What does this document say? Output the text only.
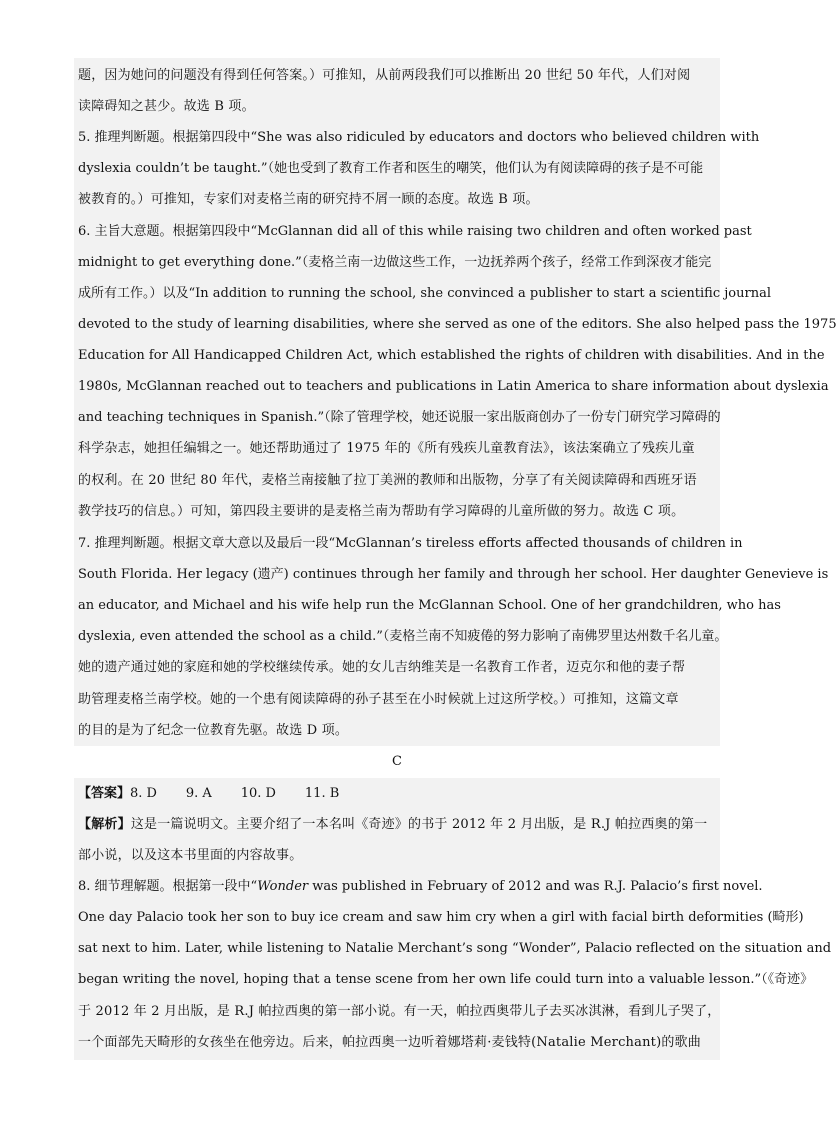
题，因为她问的问题没有得到任何答案。）可推知，从前两段我们可以推断出 20 世纪 50 年代，人们对阅
读障碍知之甚少。故选 B 项。
5. 推理判断题。根据第四段中“She was also ridiculed by educators and doctors who believed children with
dyslexia couldn’t be taught.”（她也受到了教育工作者和医生的嘲笑，他们认为有阅读障碍的孩子是不可能
被教育的。）可推知，专家们对麦格兰南的研究持不屑一顾的态度。故选 B 项。
6. 主旨大意题。根据第四段中“McGlannan did all of this while raising two children and often worked past
midnight to get everything done.”（麦格兰南一边做这些工作，一边抚养两个孩子，经常工作到深夜才能完
成所有工作。）以及“In addition to running the school, she convinced a publisher to start a scientific journal
devoted to the study of learning disabilities, where she served as one of the editors. She also helped pass the 1975
Education for All Handicapped Children Act, which established the rights of children with disabilities. And in the
1980s, McGlannan reached out to teachers and publications in Latin America to share information about dyslexia
and teaching techniques in Spanish.”（除了管理学校，她还说服一家出版商创办了一份专门研究学习障碍的
科学杂志，她担任编辑之一。她还帮助通过了 1975 年的《所有残疾儿童教育法》，该法案确立了残疾儿童
的权利。在 20 世纪 80 年代，麦格兰南接触了拉丁美洲的教师和出版物，分享了有关阅读障碍和西班牙语
教学技巧的信息。）可知，第四段主要讲的是麦格兰南为帮助有学习障碍的儿童所做的努力。故选 C 项。
7. 推理判断题。根据文章大意以及最后一段“McGlannan’s tireless efforts affected thousands of children in
South Florida. Her legacy (遗产) continues through her family and through her school. Her daughter Genevieve is
an educator, and Michael and his wife help run the McGlannan School. One of her grandchildren, who has
dyslexia, even attended the school as a child.”（麦格兰南不知疲倦的努力影响了南佛罗里达州数千名儿童。
她的遗产通过她的家庭和她的学校继续传承。她的女儿吉纳维芙是一名教育工作者，迈克尔和他的妻子帮
助管理麦格兰南学校。她的一个患有阅读障碍的孙子甚至在小时候就上过这所学校。）可推知，这篇文章
的目的是为了纪念一位教育先驱。故选 D 项。
C
【答案】8. D       9. A       10. D       11. B
【解析】这是一篇说明文。主要介绍了一本名叫《奇迹》的书于 2012 年 2 月出版，是 R.J 帕拉西奥的第一
部小说，以及这本书里面的内容故事。
8. 细节理解题。根据第一段中“Wonder was published in February of 2012 and was R.J. Palacio’s first novel.
One day Palacio took her son to buy ice cream and saw him cry when a girl with facial birth deformities (畸形)
sat next to him. Later, while listening to Natalie Merchant’s song “Wonder”, Palacio reflected on the situation and
began writing the novel, hoping that a tense scene from her own life could turn into a valuable lesson.”（《奇迹》
于 2012 年 2 月出版，是 R.J 帕拉西奥的第一部小说。有一天，帕拉西奥带儿子去买冰淇淋，看到儿子哭了，
一个面部先天畸形的女孩坐在他旁边。后来，帕拉西奥一边听着娜塔莉·麦钱特(Natalie Merchant)的歌曲
